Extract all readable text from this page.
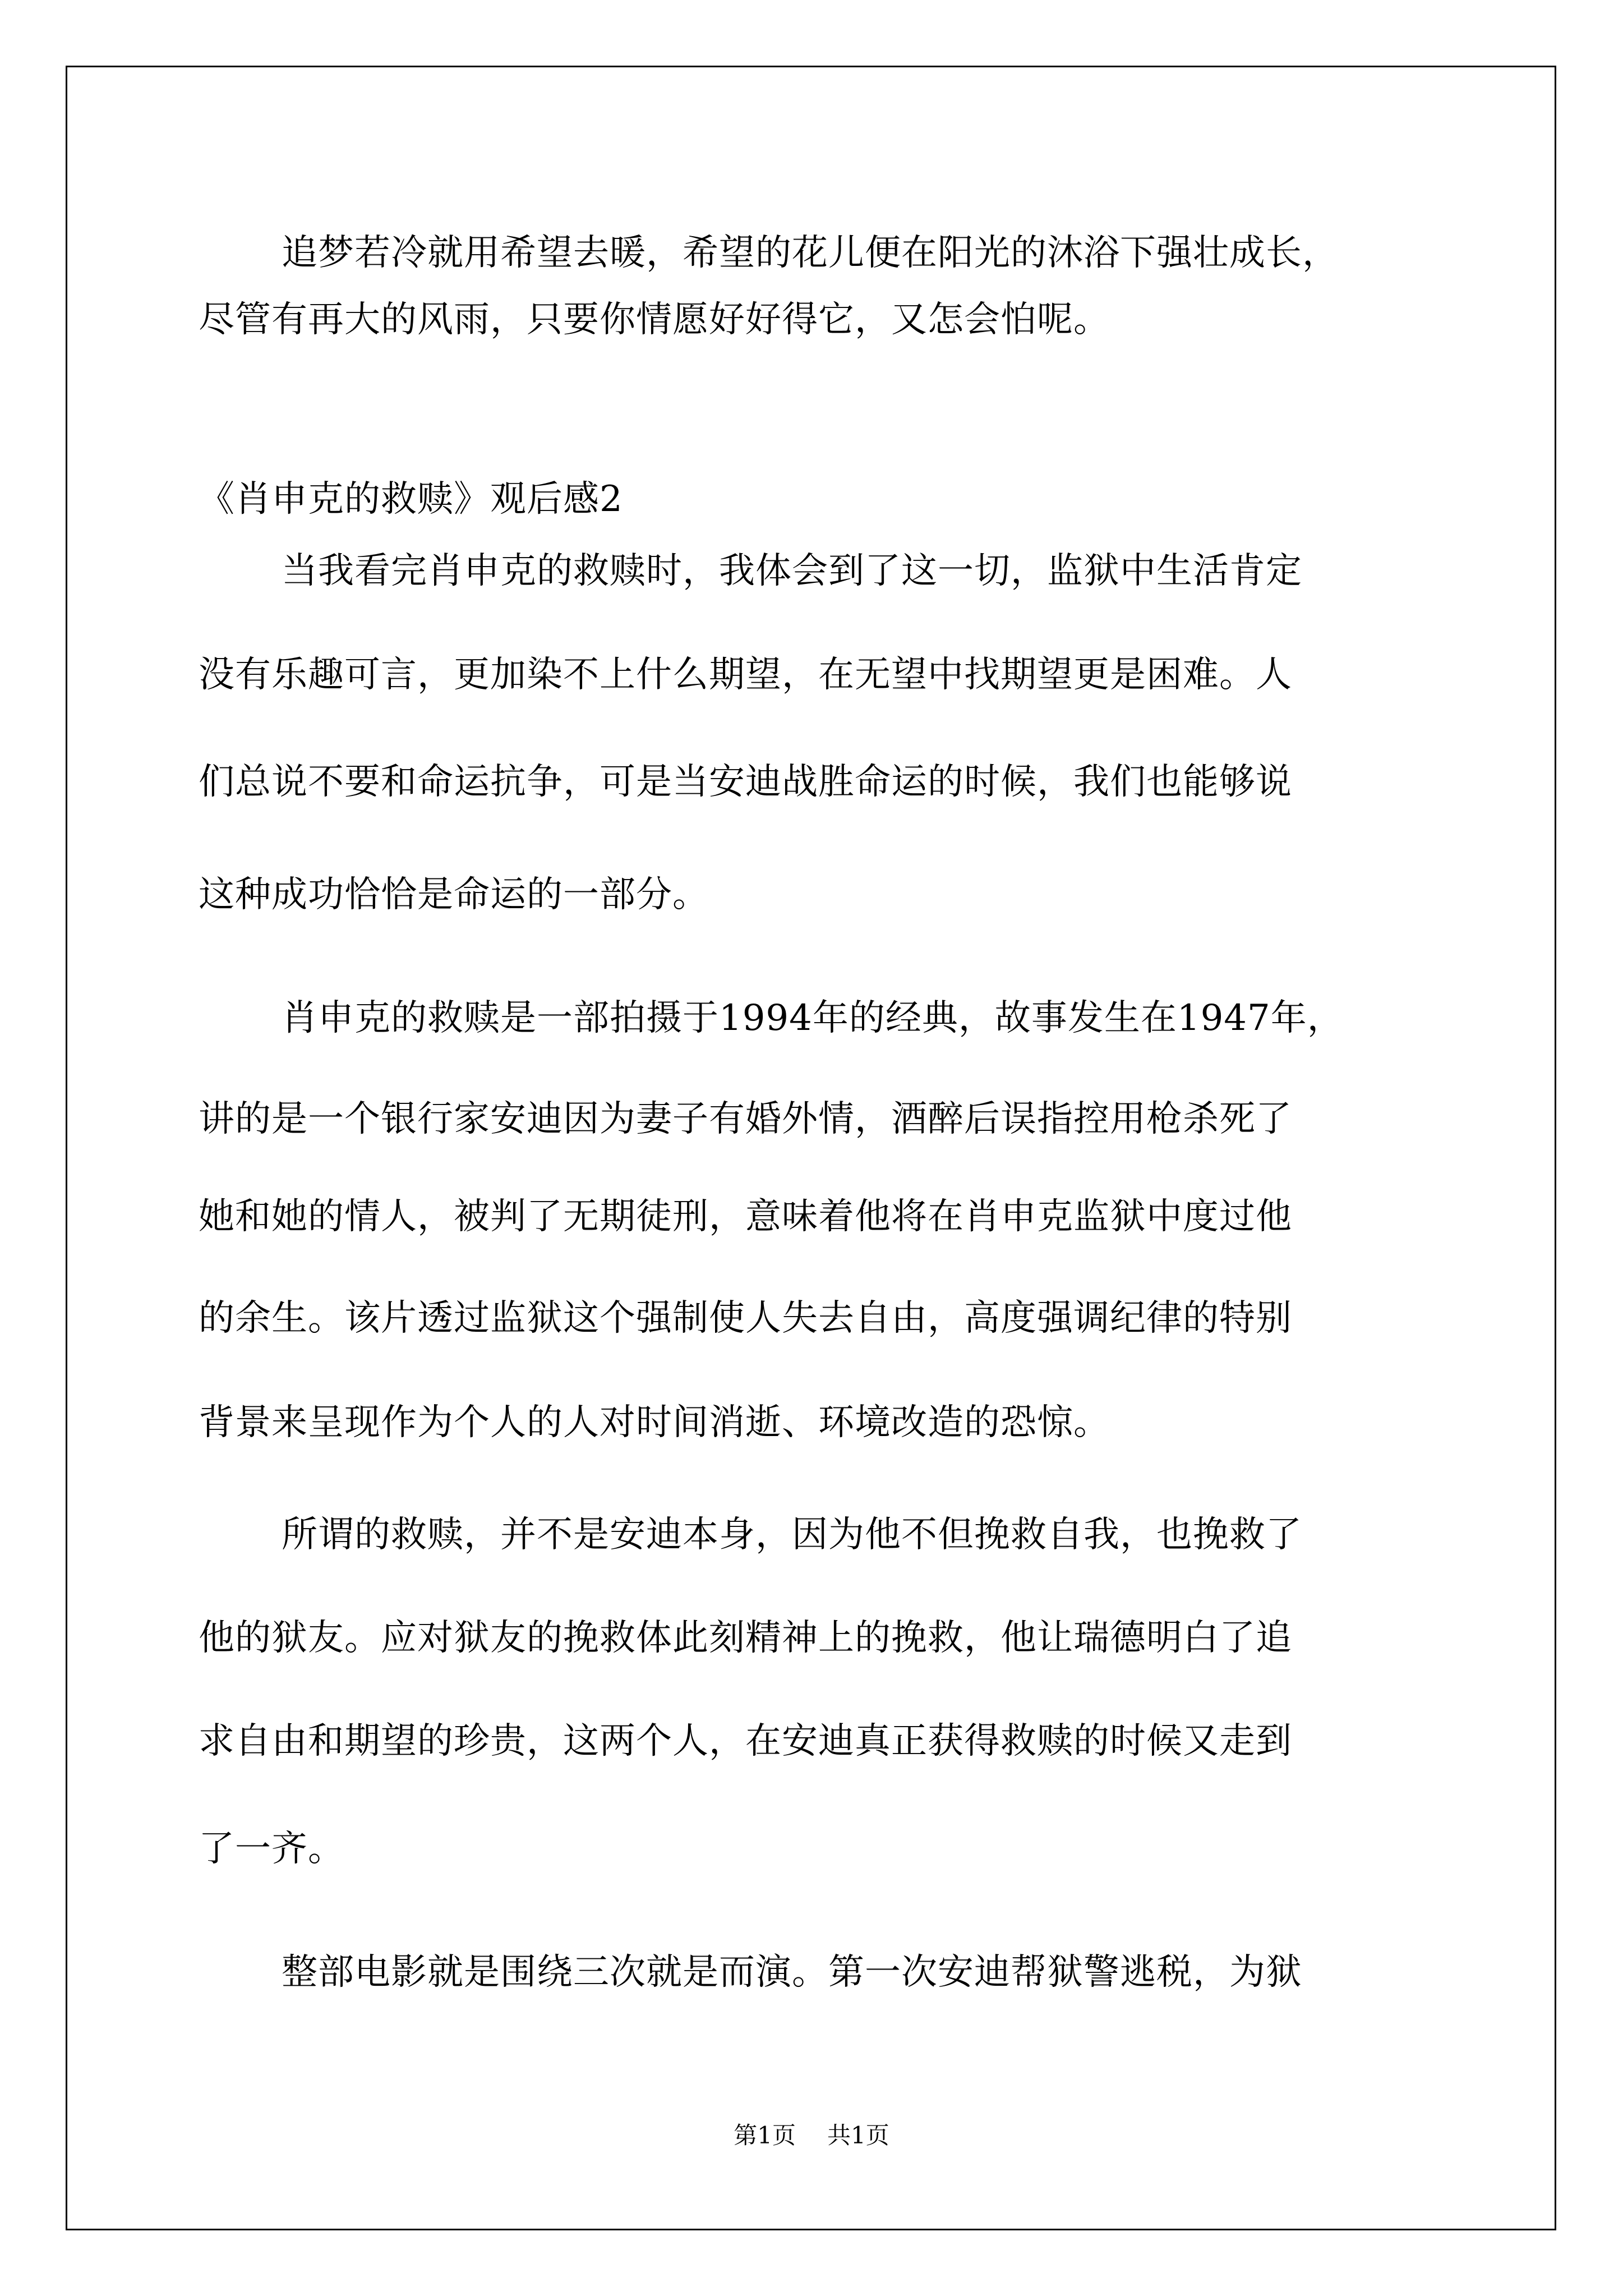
追梦若冷就用希望去暖，希望的花儿便在阳光的沐浴下强壮成长，

尽管有再大的风雨，只要你情愿好好得它，又怎会怕呢。

《肖申克的救赎》观后感2

当我看完肖申克的救赎时，我体会到了这一切，监狱中生活肯定

没有乐趣可言，更加染不上什么期望，在无望中找期望更是困难。人

们总说不要和命运抗争，可是当安迪战胜命运的时候，我们也能够说

这种成功恰恰是命运的一部分。

肖申克的救赎是一部拍摄于1994年的经典，故事发生在1947年，

讲的是一个银行家安迪因为妻子有婚外情，酒醉后误指控用枪杀死了

她和她的情人，被判了无期徒刑，意味着他将在肖申克监狱中度过他

的余生。该片透过监狱这个强制使人失去自由，高度强调纪律的特别

背景来呈现作为个人的人对时间消逝、环境改造的恐惊。

所谓的救赎，并不是安迪本身，因为他不但挽救自我，也挽救了

他的狱友。应对狱友的挽救体此刻精神上的挽救，他让瑞德明白了追

求自由和期望的珍贵，这两个人，在安迪真正获得救赎的时候又走到

了一齐。

整部电影就是围绕三次就是而演。第一次安迪帮狱警逃税，为狱

第1页 共1页
